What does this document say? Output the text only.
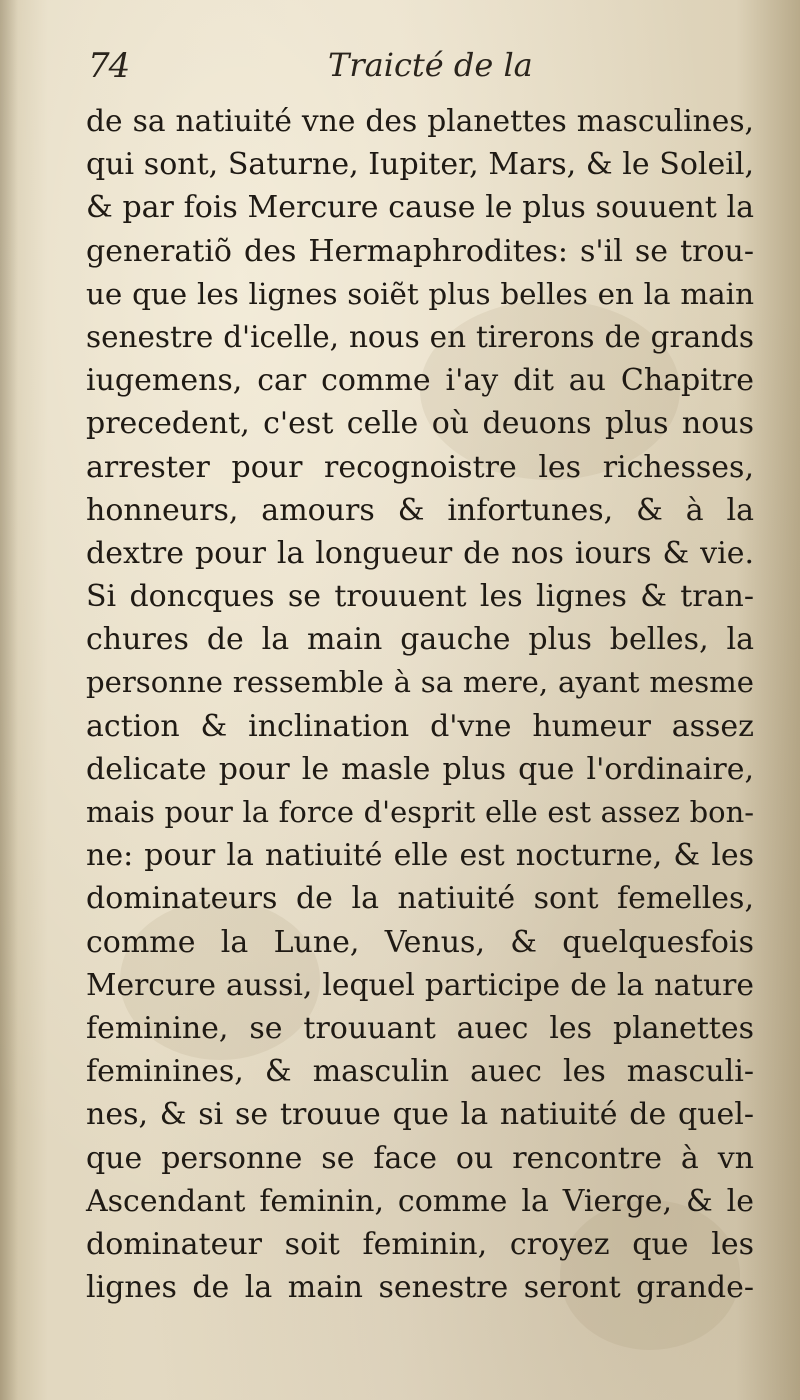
74	Traicté de la
de sa natiuité vne des planettes masculines,
qui sont, Saturne, Iupiter, Mars, & le Soleil,
& par fois Mercure cause le plus souuent la
generatiõ des Hermaphrodites: s'il se trou-
ue que les lignes soiẽt plus belles en la main
senestre d'icelle, nous en tirerons de grands
iugemens, car comme i'ay dit au Chapitre
precedent, c'est celle où deuons plus nous
arrester pour recognoistre les richesses,
honneurs, amours & infortunes, & à la
dextre pour la longueur de nos iours & vie.
Si doncques se trouuent les lignes & tran-
chures de la main gauche plus belles, la
personne ressemble à sa mere, ayant mesme
action & inclination d'vne humeur assez
delicate pour le masle plus que l'ordinaire,
mais pour la force d'esprit elle est assez bon-
ne: pour la natiuité elle est nocturne, & les
dominateurs de la natiuité sont femelles,
comme la Lune, Venus, & quelquesfois
Mercure aussi, lequel participe de la nature
feminine, se trouuant auec les planettes
feminines, & masculin auec les masculi-
nes, & si se trouue que la natiuité de quel-
que personne se face ou rencontre à vn
Ascendant feminin, comme la Vierge, & le
dominateur soit feminin, croyez que les
lignes de la main senestre seront grande-
